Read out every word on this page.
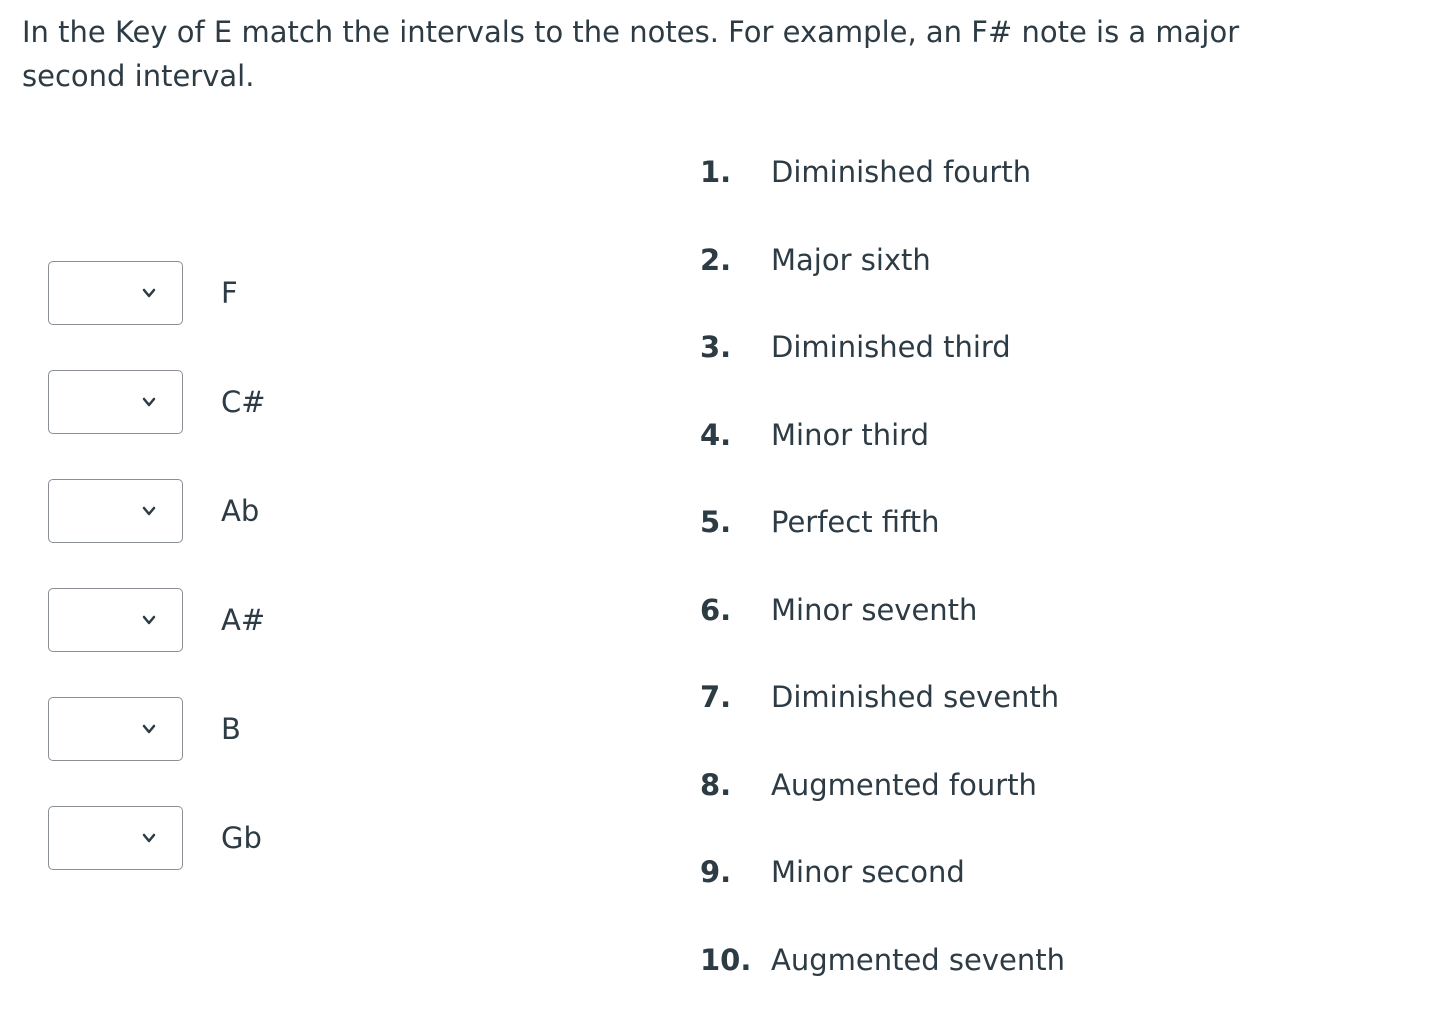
In the Key of E match the intervals to the notes. For example, an F# note is a major second interval.

F
C#
Ab
A#
B
Gb
1.	Diminished fourth
2.	Major sixth
3.	Diminished third
4.	Minor third
5.	Perfect fifth
6.	Minor seventh
7.	Diminished seventh
8.	Augmented fourth
9.	Minor second
10. Augmented seventh
